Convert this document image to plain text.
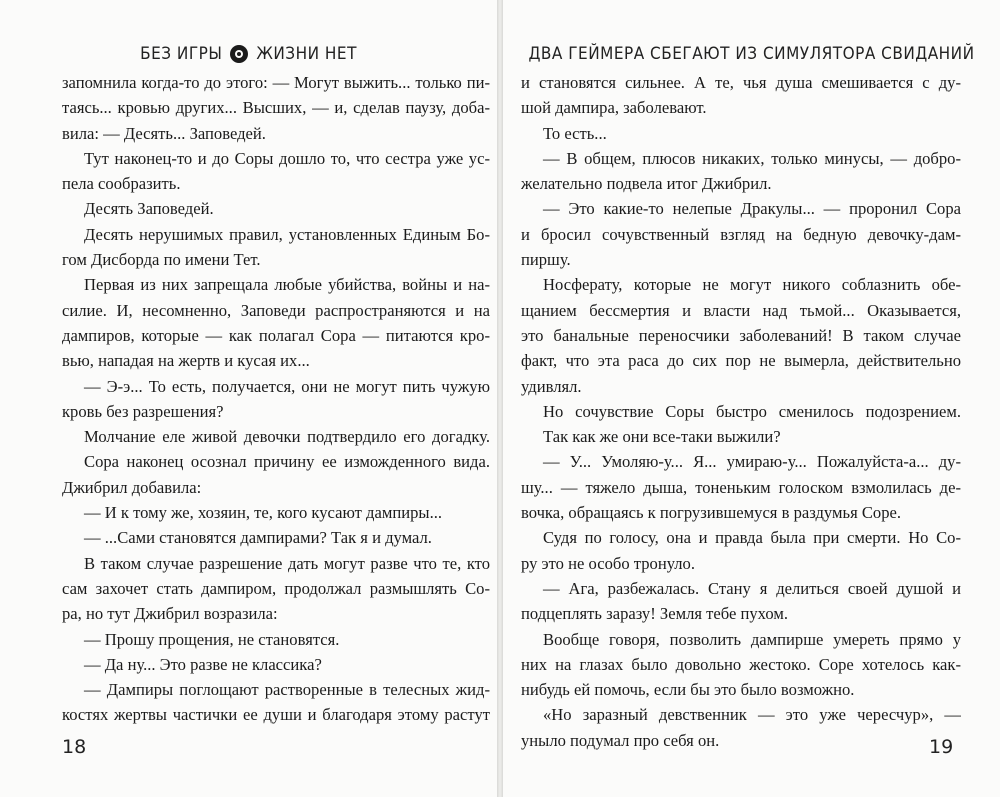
БЕЗ ИГРЫ ЖИЗНИ НЕТ
запомнила когда-то до этого: — Могут выжить... только пи-
таясь... кровью других... Высших, — и, сделав паузу, доба-
вила: — Десять... Заповедей.
Тут наконец-то и до Соры дошло то, что сестра уже ус-
пела сообразить.
Десять Заповедей.
Десять нерушимых правил, установленных Единым Бо-
гом Дисборда по имени Тет.
Первая из них запрещала любые убийства, войны и на-
силие. И, несомненно, Заповеди распространяются и на
дампиров, которые — как полагал Сора — питаются кро-
вью, нападая на жертв и кусая их...
— Э-э... То есть, получается, они не могут пить чужую
кровь без разрешения?
Молчание еле живой девочки подтвердило его догадку.
Сора наконец осознал причину ее изможденного вида.
Джибрил добавила:
— И к тому же, хозяин, те, кого кусают дампиры...
— ...Сами становятся дампирами? Так я и думал.
В таком случае разрешение дать могут разве что те, кто
сам захочет стать дампиром, продолжал размышлять Со-
ра, но тут Джибрил возразила:
— Прошу прощения, не становятся.
— Да ну... Это разве не классика?
— Дампиры поглощают растворенные в телесных жид-
костях жертвы частички ее души и благодаря этому растут
18
ДВА ГЕЙМЕРА СБЕГАЮТ ИЗ СИМУЛЯТОРА СВИДАНИЙ
и становятся сильнее. А те, чья душа смешивается с ду-
шой дампира, заболевают.
То есть...
— В общем, плюсов никаких, только минусы, — добро-
желательно подвела итог Джибрил.
— Это какие-то нелепые Дракулы... — проронил Сора
и бросил сочувственный взгляд на бедную девочку-дам-
пиршу.
Носферату, которые не могут никого соблазнить обе-
щанием бессмертия и власти над тьмой... Оказывается,
это банальные переносчики заболеваний! В таком случае
факт, что эта раса до сих пор не вымерла, действительно
удивлял.
Но сочувствие Соры быстро сменилось подозрением.
Так как же они все-таки выжили?
— У... Умоляю-у... Я... умираю-у... Пожалуйста-а... ду-
шу... — тяжело дыша, тоненьким голоском взмолилась де-
вочка, обращаясь к погрузившемуся в раздумья Соре.
Судя по голосу, она и правда была при смерти. Но Со-
ру это не особо тронуло.
— Ага, разбежалась. Стану я делиться своей душой и
подцеплять заразу! Земля тебе пухом.
Вообще говоря, позволить дампирше умереть прямо у
них на глазах было довольно жестоко. Соре хотелось как-
нибудь ей помочь, если бы это было возможно.
«Но заразный девственник — это уже чересчур», —
уныло подумал про себя он.	19
